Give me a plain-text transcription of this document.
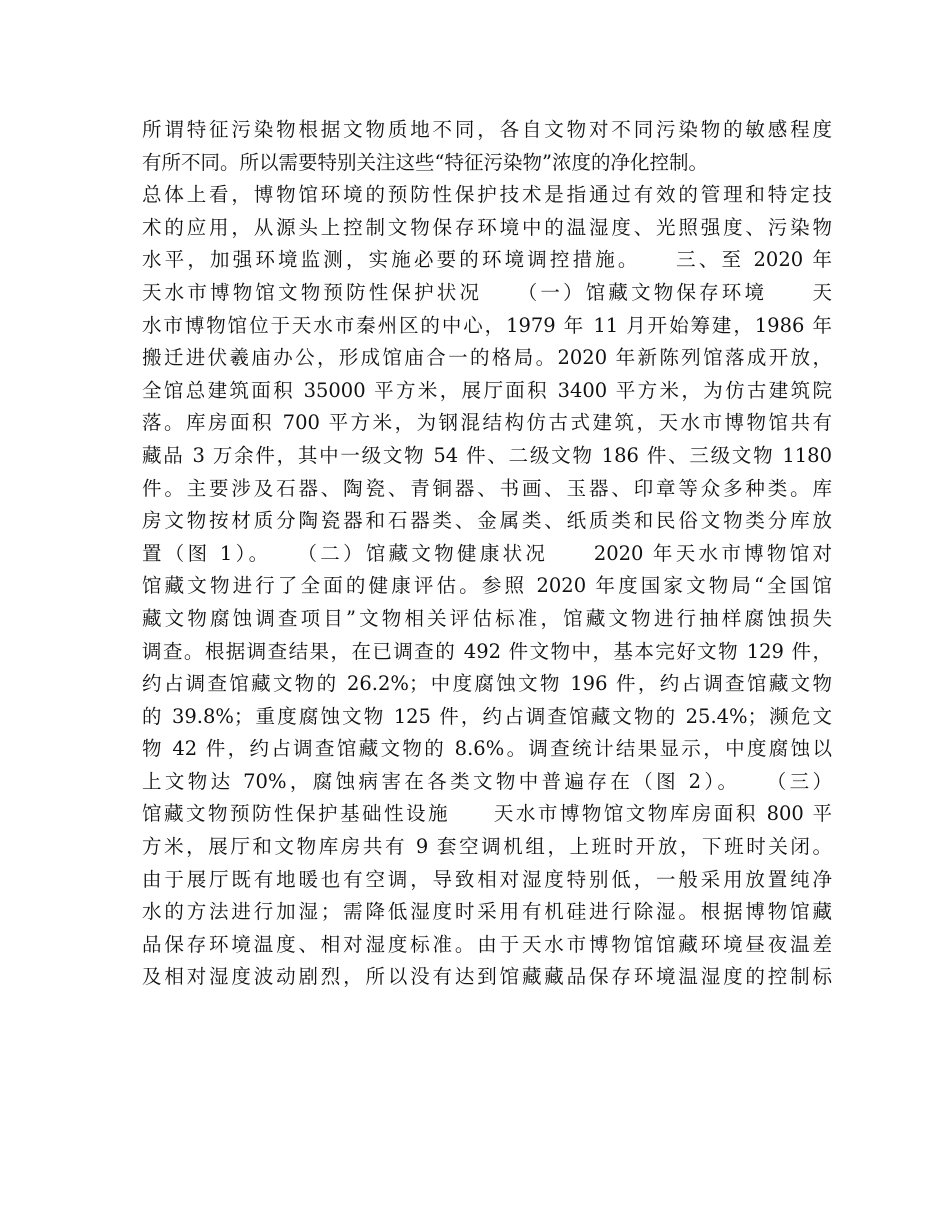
所谓特征污染物根据文物质地不同，各自文物对不同污染物的敏感程度
有所不同。所以需要特别关注这些“特征污染物”浓度的净化控制。
总体上看，博物馆环境的预防性保护技术是指通过有效的管理和特定技
术的应用，从源头上控制文物保存环境中的温湿度、光照强度、污染物
水平，加强环境监测，实施必要的环境调控措施。　　三、至 2020 年
天水市博物馆文物预防性保护状况　　（一）馆藏文物保存环境　　天
水市博物馆位于天水市秦州区的中心，1979 年 11 月开始筹建，1986 年
搬迁进伏羲庙办公，形成馆庙合一的格局。2020 年新陈列馆落成开放，
全馆总建筑面积 35000 平方米，展厅面积 3400 平方米，为仿古建筑院
落。库房面积 700 平方米，为钢混结构仿古式建筑，天水市博物馆共有
藏品 3 万余件，其中一级文物 54 件、二级文物 186 件、三级文物 1180
件。主要涉及石器、陶瓷、青铜器、书画、玉器、印章等众多种类。库
房文物按材质分陶瓷器和石器类、金属类、纸质类和民俗文物类分库放
置（图 1）。　　（二）馆藏文物健康状况　　2020 年天水市博物馆对
馆藏文物进行了全面的健康评估。参照 2020 年度国家文物局“全国馆
藏文物腐蚀调查项目”文物相关评估标准，馆藏文物进行抽样腐蚀损失
调查。根据调查结果，在已调查的 492 件文物中，基本完好文物 129 件，
约占调查馆藏文物的 26.2%；中度腐蚀文物 196 件，约占调查馆藏文物
的 39.8%；重度腐蚀文物 125 件，约占调查馆藏文物的 25.4%；濒危文
物 42 件，约占调查馆藏文物的 8.6%。调查统计结果显示，中度腐蚀以
上文物达 70%，腐蚀病害在各类文物中普遍存在（图 2）。　　（三）
馆藏文物预防性保护基础性设施　　天水市博物馆文物库房面积 800 平
方米，展厅和文物库房共有 9 套空调机组，上班时开放，下班时关闭。
由于展厅既有地暖也有空调，导致相对湿度特别低，一般采用放置纯净
水的方法进行加湿；需降低湿度时采用有机硅进行除湿。根据博物馆藏
品保存环境温度、相对湿度标准。由于天水市博物馆馆藏环境昼夜温差
及相对湿度波动剧烈，所以没有达到馆藏藏品保存环境温湿度的控制标
